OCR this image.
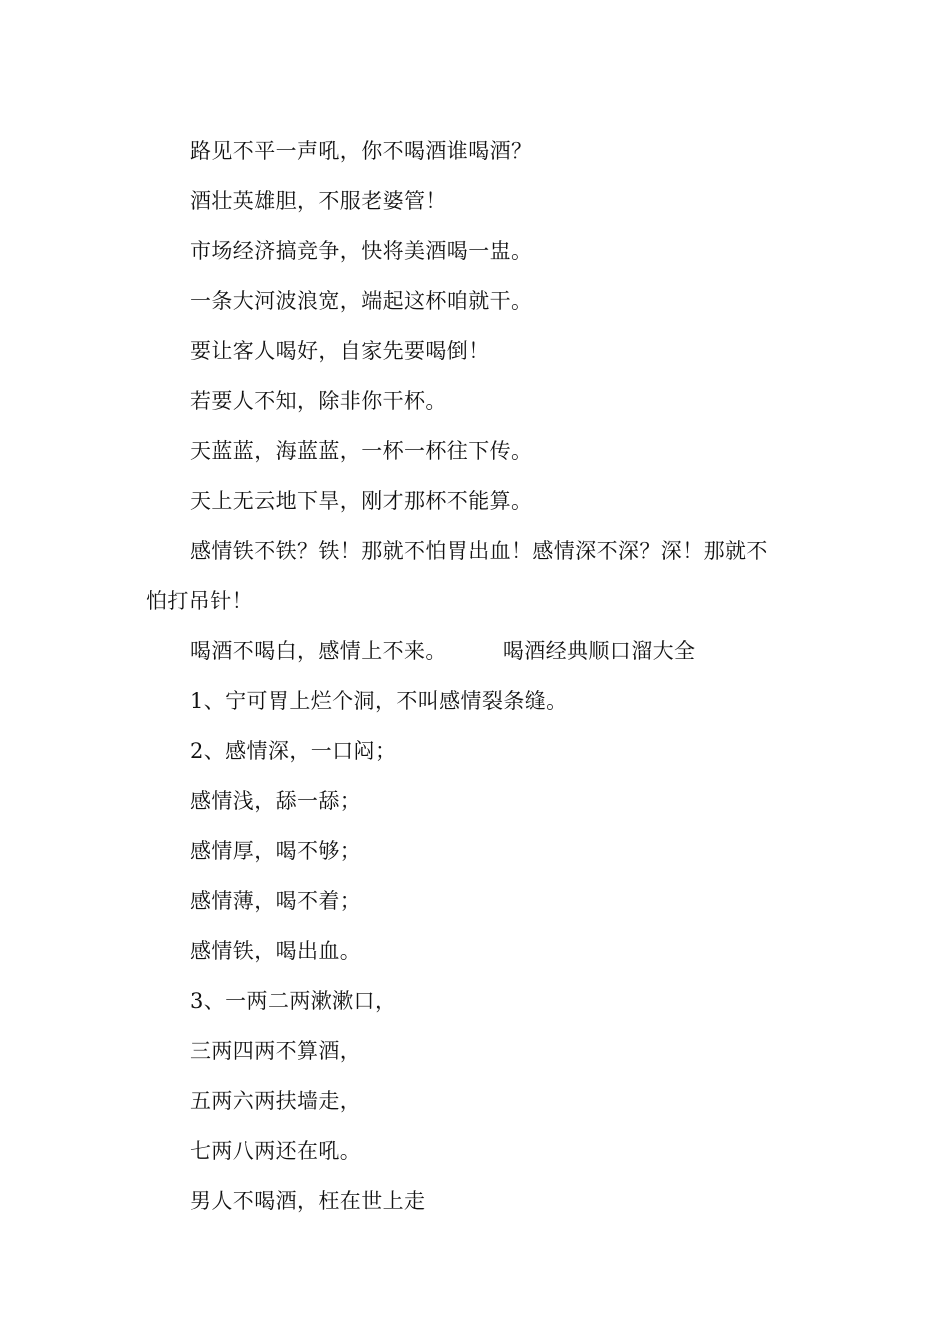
路见不平一声吼，你不喝酒谁喝酒？
酒壮英雄胆，不服老婆管！
市场经济搞竞争，快将美酒喝一盅。
一条大河波浪宽，端起这杯咱就干。
要让客人喝好，自家先要喝倒！
若要人不知，除非你干杯。
天蓝蓝，海蓝蓝，一杯一杯往下传。
天上无云地下旱，刚才那杯不能算。
感情铁不铁？铁！那就不怕胃出血！感情深不深？深！那就不
怕打吊针！
喝酒不喝白，感情上不来。	喝酒经典顺口溜大全
1、宁可胃上烂个洞，不叫感情裂条缝。
2、感情深，一口闷；
感情浅，舔一舔；
感情厚，喝不够；
感情薄，喝不着；
感情铁，喝出血。
3、一两二两漱漱口，
三两四两不算酒，
五两六两扶墙走，
七两八两还在吼。
男人不喝酒，枉在世上走
